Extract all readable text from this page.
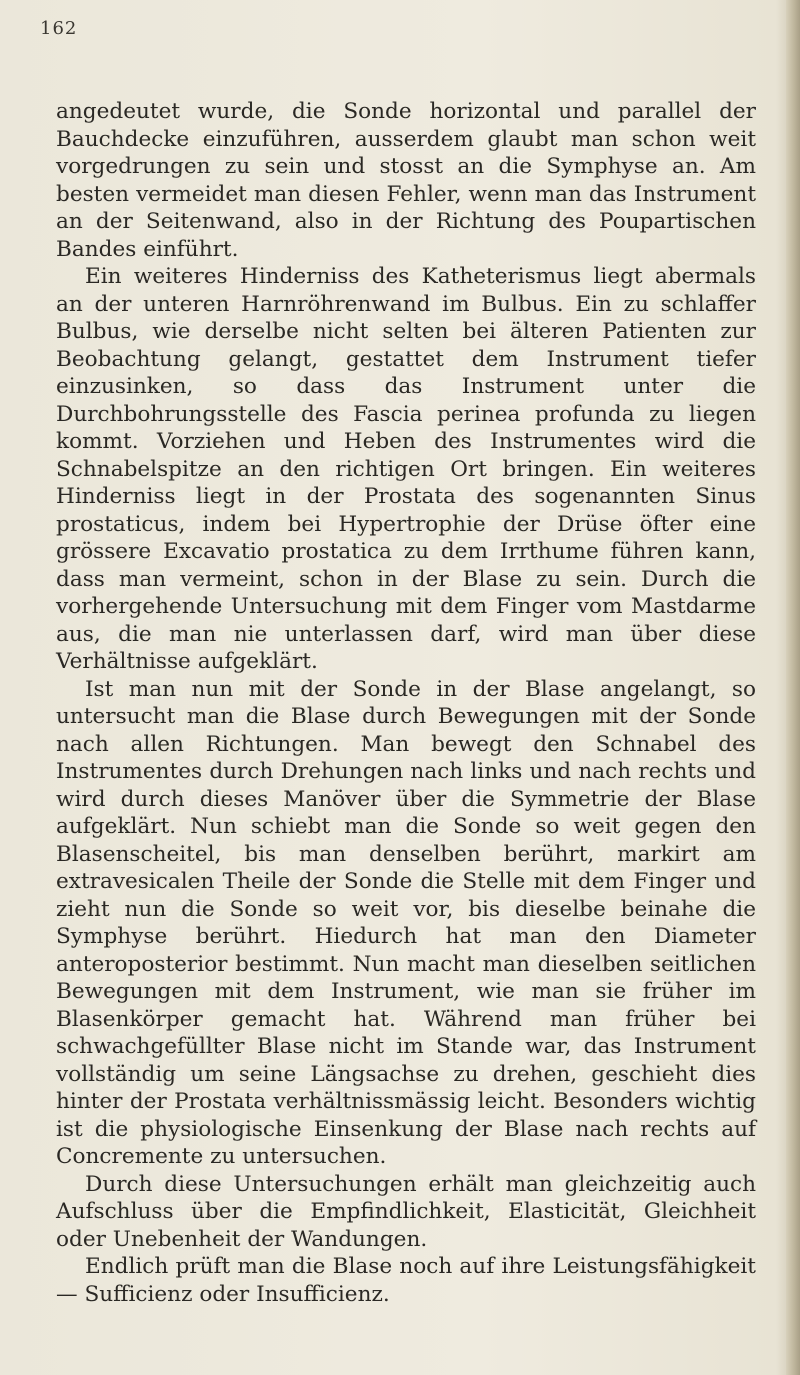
162

angedeutet wurde, die Sonde horizontal und parallel der Bauchdecke einzuführen, ausserdem glaubt man schon weit vorgedrungen zu sein und stosst an die Symphyse an. Am besten vermeidet man diesen Fehler, wenn man das Instrument an der Seitenwand, also in der Richtung des Poupartischen Bandes einführt.

Ein weiteres Hinderniss des Katheterismus liegt abermals an der unteren Harnröhrenwand im Bulbus. Ein zu schlaffer Bulbus, wie derselbe nicht selten bei älteren Patienten zur Beobachtung gelangt, gestattet dem Instrument tiefer einzusinken, so dass das Instrument unter die Durchbohrungsstelle des Fascia perinea profunda zu liegen kommt. Vorziehen und Heben des Instrumentes wird die Schnabelspitze an den richtigen Ort bringen. Ein weiteres Hinderniss liegt in der Prostata des sogenannten Sinus prostaticus, indem bei Hypertrophie der Drüse öfter eine grössere Excavatio prostatica zu dem Irrthume führen kann, dass man vermeint, schon in der Blase zu sein. Durch die vorhergehende Untersuchung mit dem Finger vom Mastdarme aus, die man nie unterlassen darf, wird man über diese Verhältnisse aufgeklärt.

Ist man nun mit der Sonde in der Blase angelangt, so untersucht man die Blase durch Bewegungen mit der Sonde nach allen Richtungen. Man bewegt den Schnabel des Instrumentes durch Drehungen nach links und nach rechts und wird durch dieses Manöver über die Symmetrie der Blase aufgeklärt. Nun schiebt man die Sonde so weit gegen den Blasenscheitel, bis man denselben berührt, markirt am extravesicalen Theile der Sonde die Stelle mit dem Finger und zieht nun die Sonde so weit vor, bis dieselbe beinahe die Symphyse berührt. Hiedurch hat man den Diameter anteroposterior bestimmt. Nun macht man dieselben seitlichen Bewegungen mit dem Instrument, wie man sie früher im Blasenkörper gemacht hat. Während man früher bei schwachgefüllter Blase nicht im Stande war, das Instrument vollständig um seine Längsachse zu drehen, geschieht dies hinter der Prostata verhältnissmässig leicht. Besonders wichtig ist die physiologische Einsenkung der Blase nach rechts auf Concremente zu untersuchen.

Durch diese Untersuchungen erhält man gleichzeitig auch Aufschluss über die Empfindlichkeit, Elasticität, Gleichheit oder Unebenheit der Wandungen.

Endlich prüft man die Blase noch auf ihre Leistungsfähigkeit — Sufficienz oder Insufficienz.
